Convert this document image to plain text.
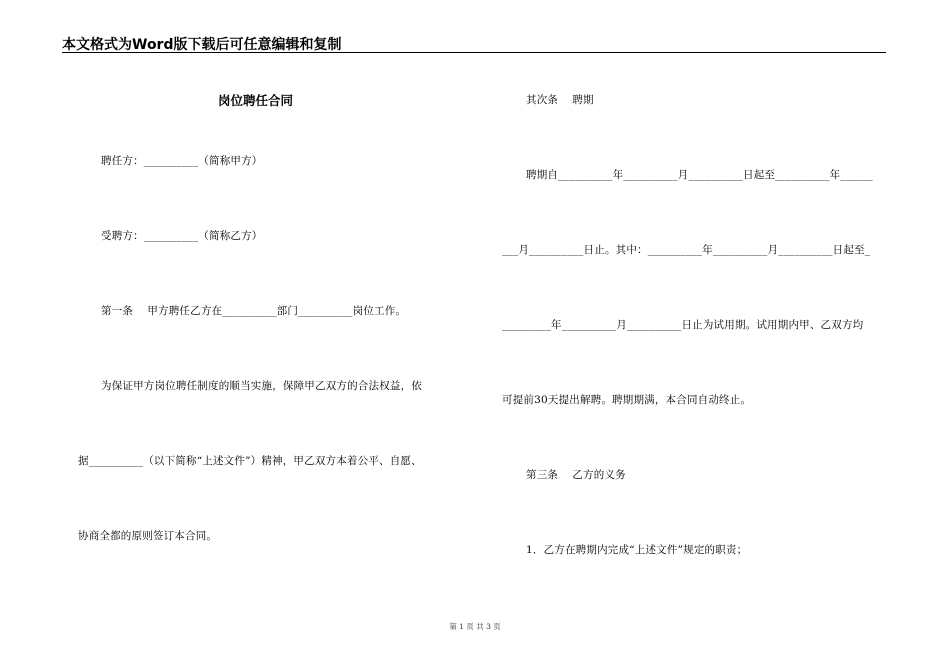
本文格式为Word版下载后可任意编辑和复制
岗位聘任合同
聘任方：__________（简称甲方）
受聘方：__________（简称乙方）
第一条　 甲方聘任乙方在__________部门__________岗位工作。
为保证甲方岗位聘任制度的顺当实施，保障甲乙双方的合法权益，依
据__________（以下简称“上述文件”）精神，甲乙双方本着公平、自愿、
协商全都的原则签订本合同。
其次条　 聘期
聘期自__________年__________月__________日起至__________年______
___月__________日止。其中：__________年__________月__________日起至_
_________年__________月__________日止为试用期。试用期内甲、乙双方均
可提前30天提出解聘。聘期期满，本合同自动终止。
第三条　 乙方的义务
1．乙方在聘期内完成“上述文件”规定的职责；
第 1 页 共 3 页
